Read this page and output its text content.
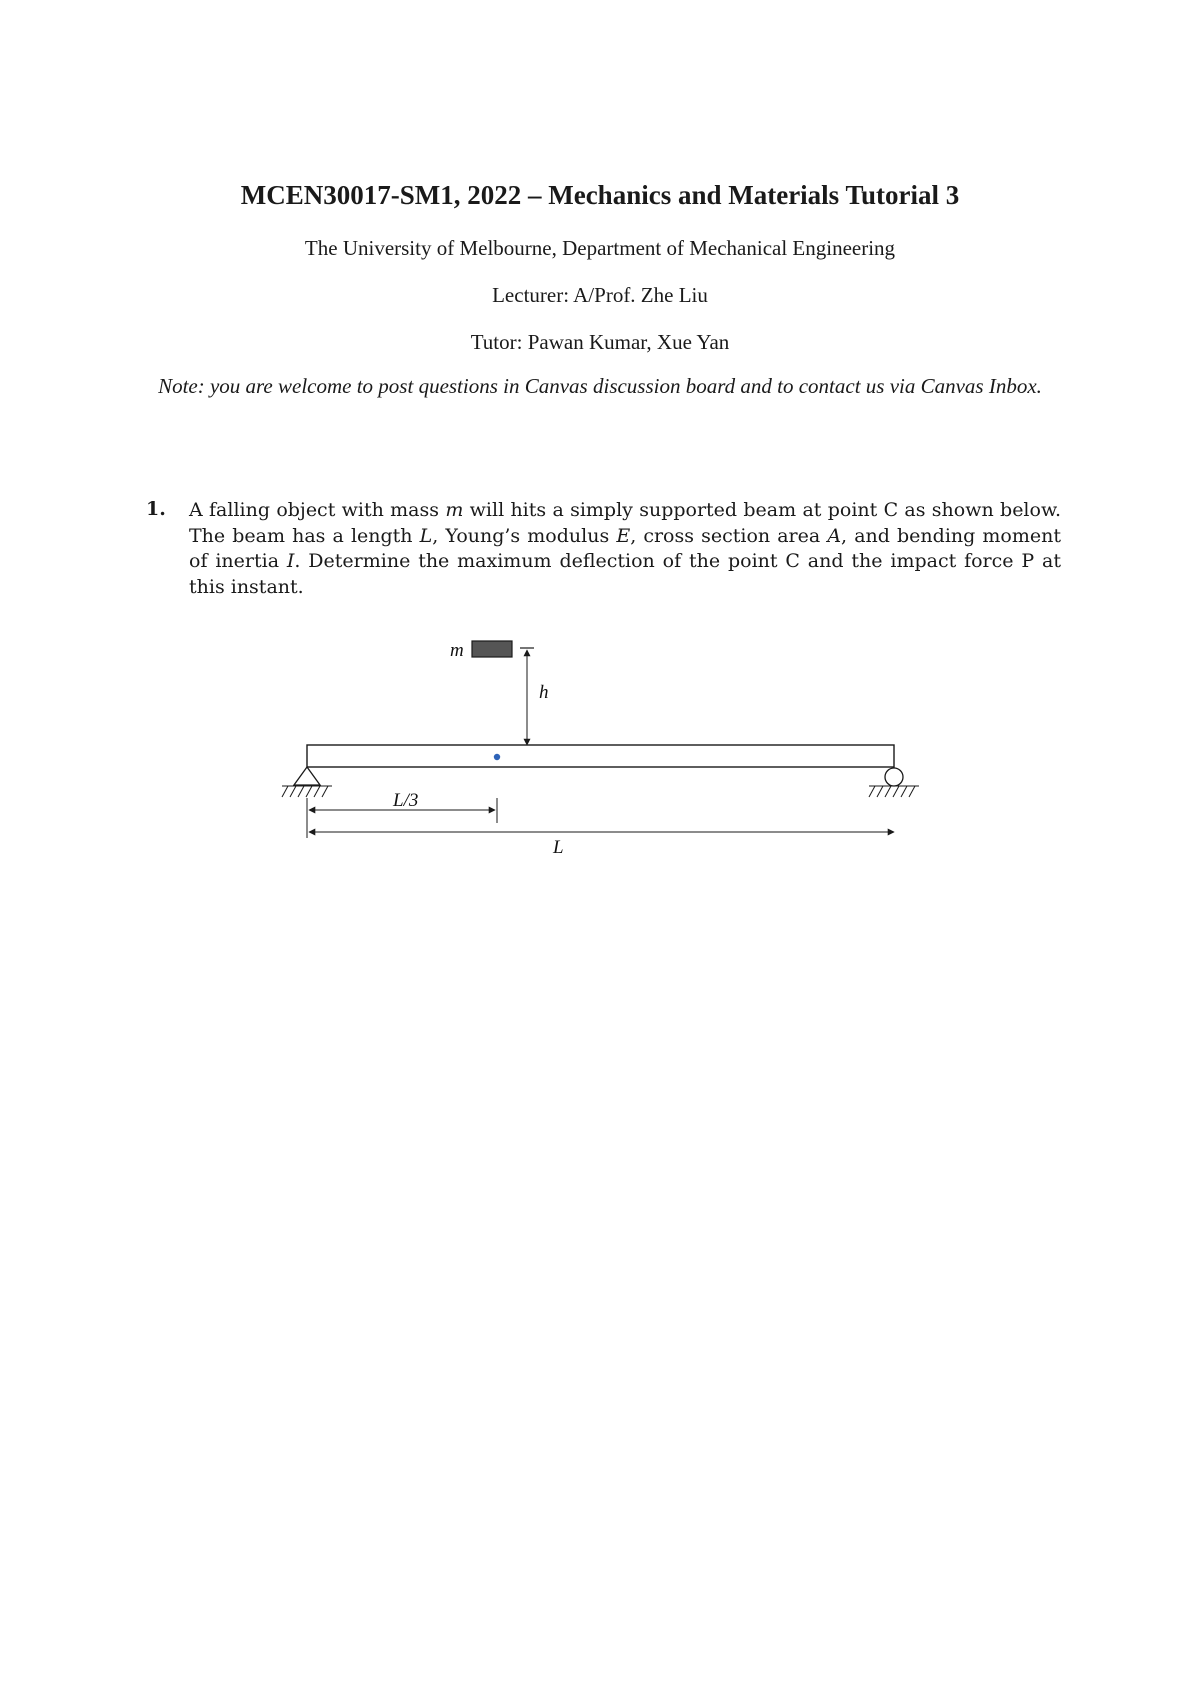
MCEN30017-SM1, 2022 – Mechanics and Materials Tutorial 3

The University of Melbourne, Department of Mechanical Engineering

Lecturer: A/Prof. Zhe Liu

Tutor: Pawan Kumar, Xue Yan

Note: you are welcome to post questions in Canvas discussion board and to contact us via Canvas Inbox.

1. A falling object with mass m will hits a simply supported beam at point C as shown below. The beam has a length L, Young’s modulus E, cross section area A, and bending moment of inertia I. Determine the maximum deflection of the point C and the impact force P at this instant.

m
h
L/3
L
